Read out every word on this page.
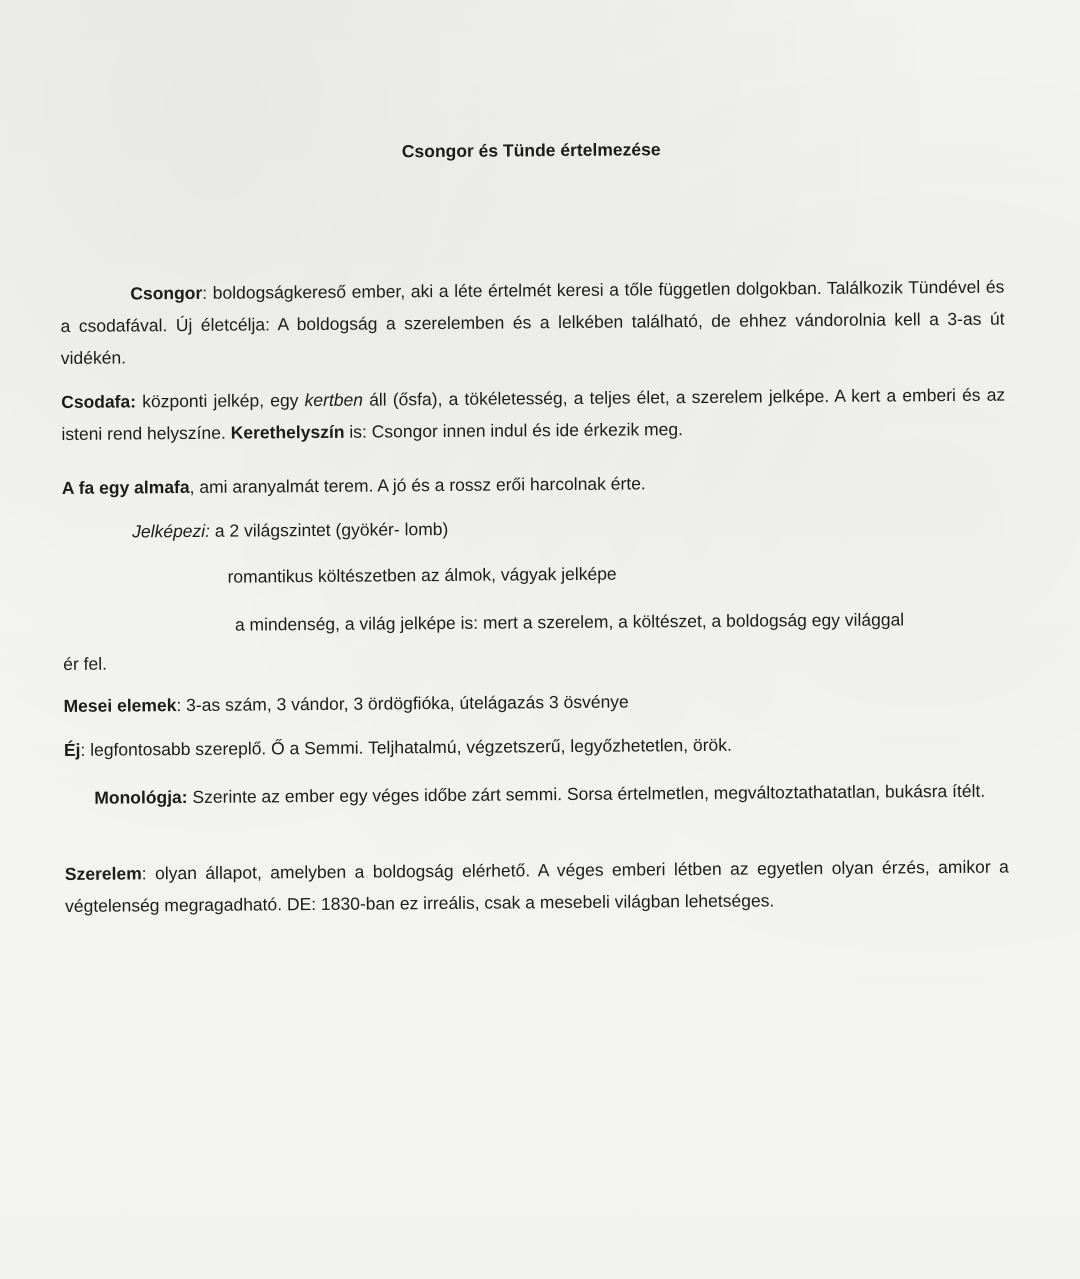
Csongor és Tünde értelmezése

Csongor: boldogságkereső ember, aki a léte értelmét keresi a tőle független dolgokban. Találkozik Tündével és a csodafával. Új életcélja: A boldogság a szerelemben és a lelkében található, de ehhez vándorolnia kell a 3-as út vidékén.

Csodafa: központi jelkép, egy kertben áll (ősfa), a tökéletesség, a teljes élet, a szerelem jelképe. A kert a emberi és az isteni rend helyszíne. Kerethelyszín is: Csongor innen indul és ide érkezik meg.

A fa egy almafa, ami aranyalmát terem. A jó és a rossz erői harcolnak érte.

Jelképezi: a 2 világszintet (gyökér- lomb)

romantikus költészetben az álmok, vágyak jelképe

a mindenség, a világ jelképe is: mert a szerelem, a költészet, a boldogság egy világgal

ér fel.

Mesei elemek: 3-as szám, 3 vándor, 3 ördögfióka, útelágazás 3 ösvénye

Éj: legfontosabb szereplő. Ő a Semmi. Teljhatalmú, végzetszerű, legyőzhetetlen, örök.

Monológja: Szerinte az ember egy véges időbe zárt semmi. Sorsa értelmetlen, megváltoztathatatlan, bukásra ítélt.

Szerelem: olyan állapot, amelyben a boldogság elérhető. A véges emberi létben az egyetlen olyan érzés, amikor a végtelenség megragadható. DE: 1830-ban ez irreális, csak a mesebeli világban lehetséges.
